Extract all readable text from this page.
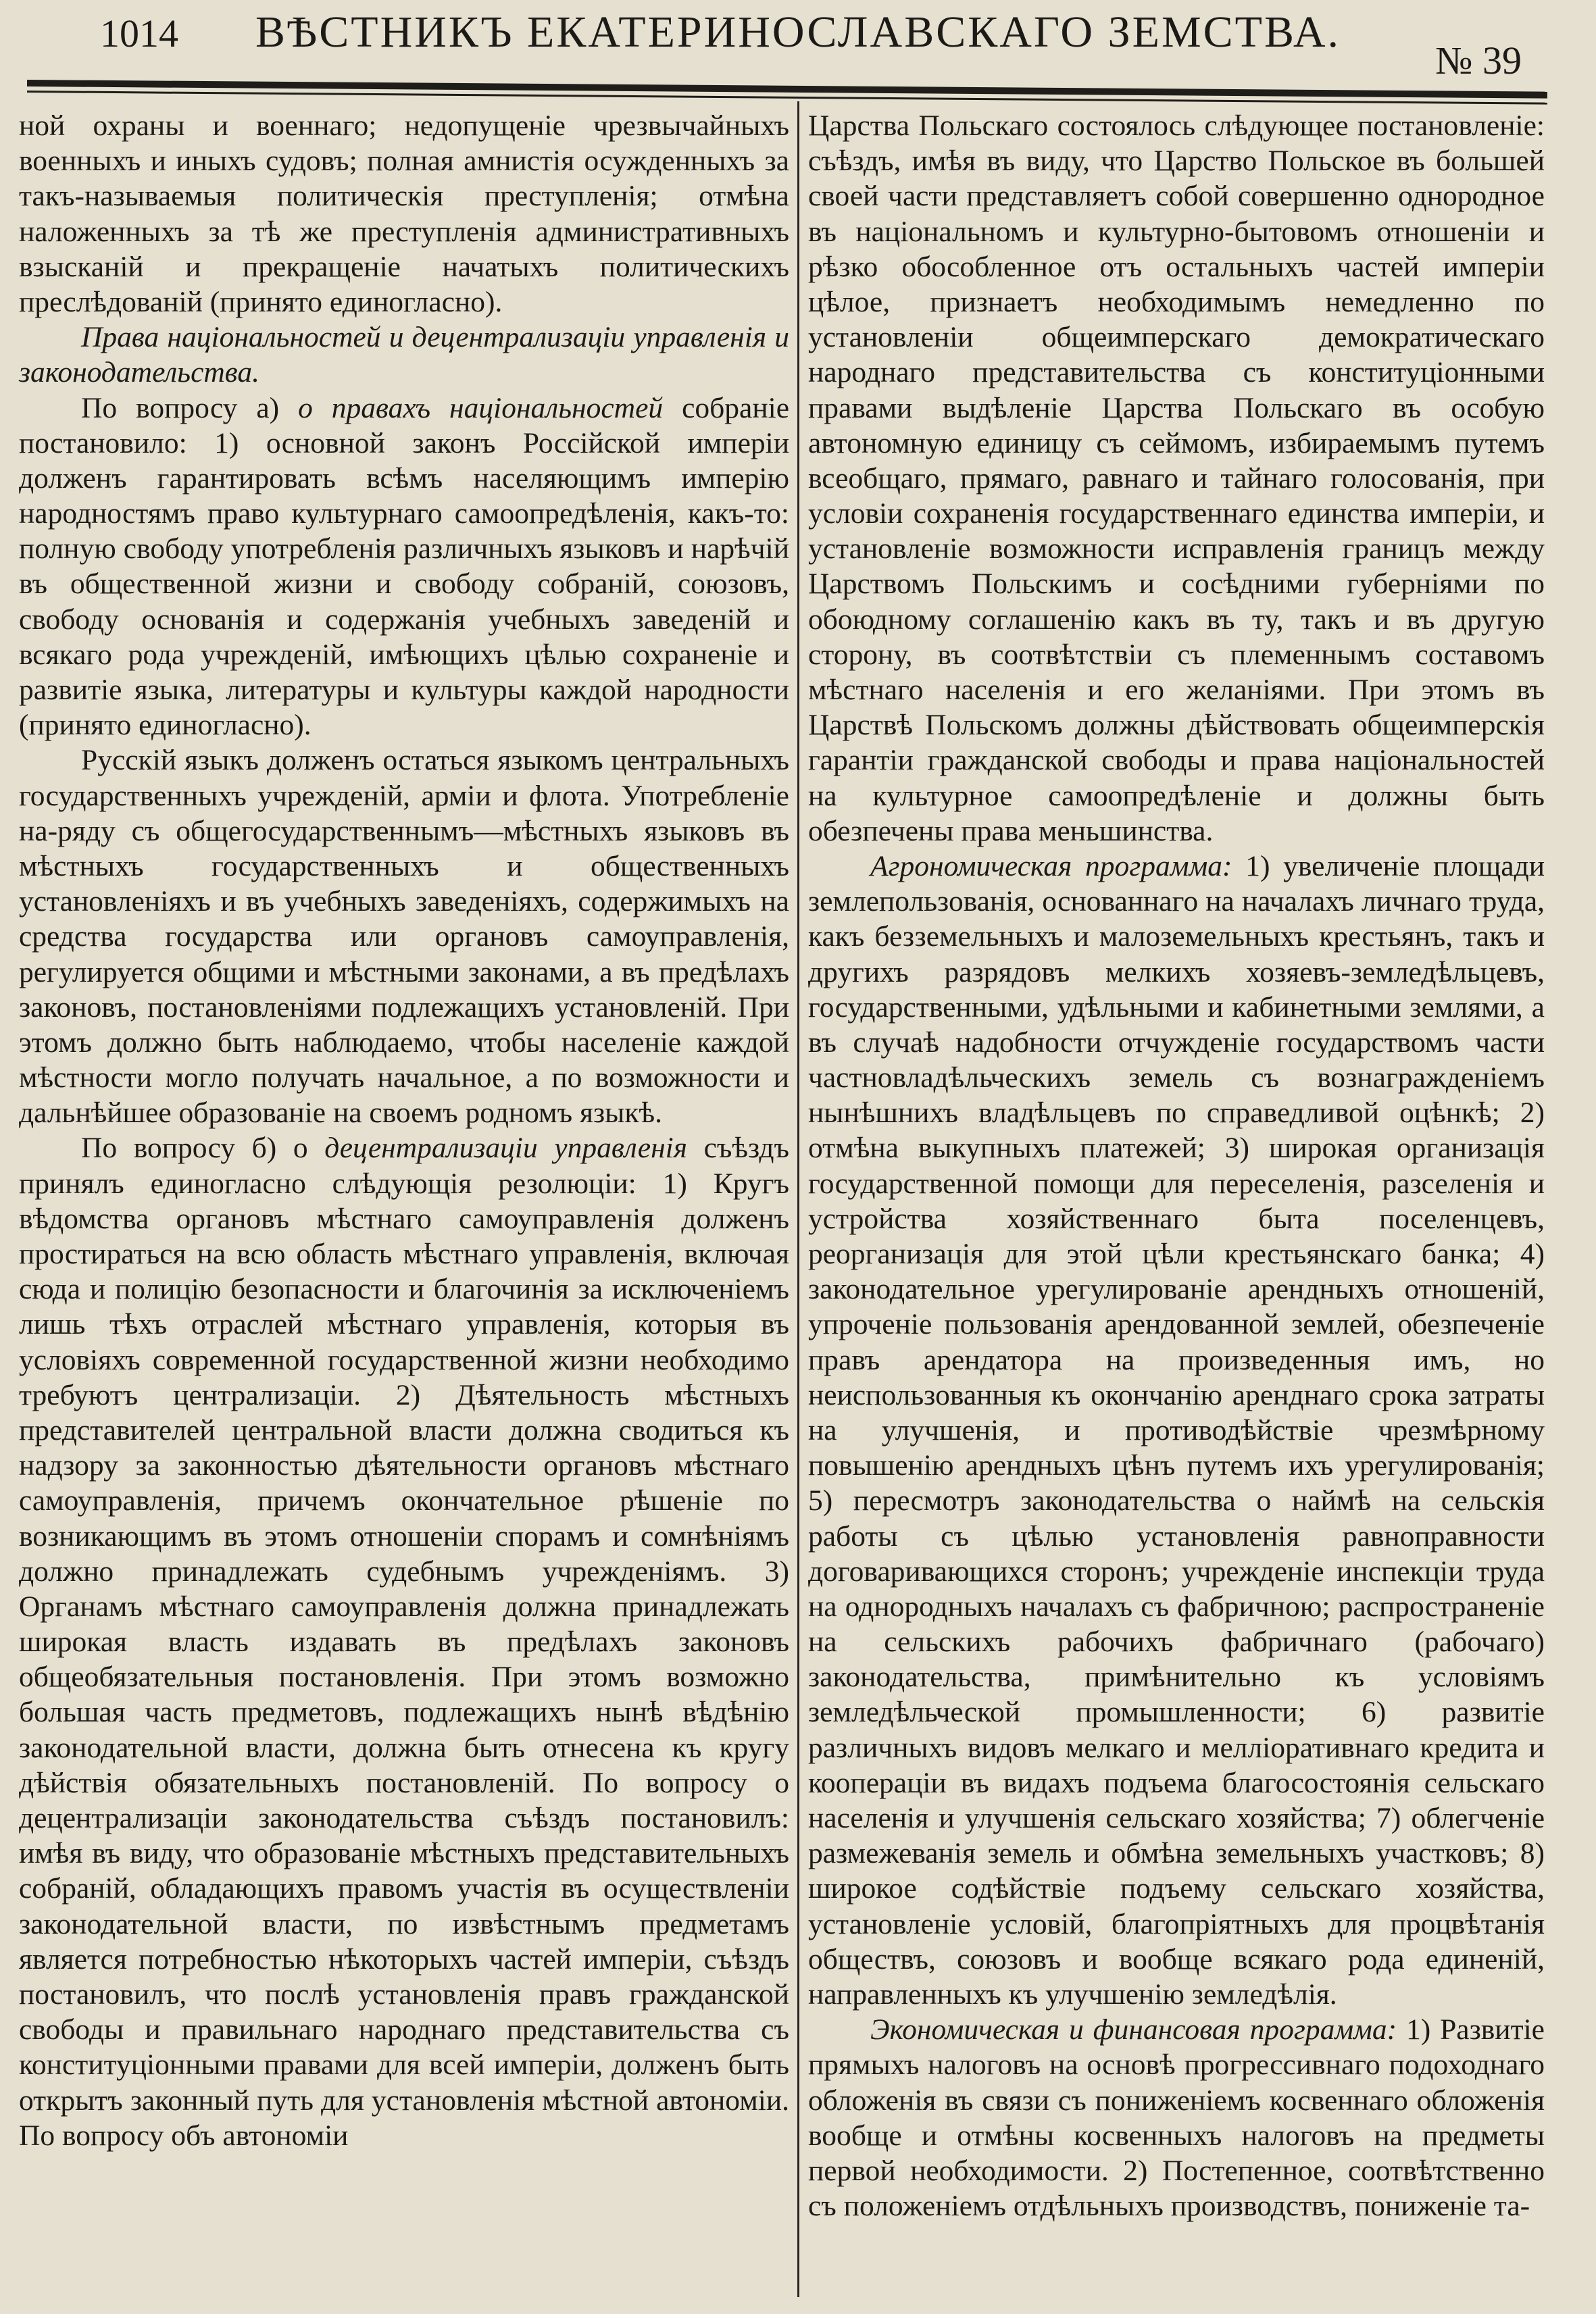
1014	ВѢСТНИКЪ ЕКАТЕРИНОСЛАВСКАГО ЗЕМСТВА.
№ 39

ной охраны и военнаго; недопущеніе чрезвычайныхъ военныхъ и иныхъ судовъ; полная амнистія осужденныхъ за такъ-называемыя политическія преступленія; отмѣна наложенныхъ за тѣ же преступленія административныхъ взысканій и прекращеніе начатыхъ политическихъ преслѣдованій (принято единогласно).

Права національностей и децентрализаціи управленія и законодательства.

По вопросу а) о правахъ національностей собраніе постановило: 1) основной законъ Россійской имперіи долженъ гарантировать всѣмъ населяющимъ имперію народностямъ право культурнаго самоопредѣленія, какъ-то: полную свободу употребленія различныхъ языковъ и нарѣчій въ общественной жизни и свободу собраній, союзовъ, свободу основанія и содержанія учебныхъ заведеній и всякаго рода учрежденій, имѣющихъ цѣлью сохраненіе и развитіе языка, литературы и культуры каждой народности (принято единогласно).

Русскій языкъ долженъ остаться языкомъ центральныхъ государственныхъ учрежденій, арміи и флота. Употребленіе на-ряду съ общегосударственнымъ—мѣстныхъ языковъ въ мѣстныхъ государственныхъ и общественныхъ установленіяхъ и въ учебныхъ заведеніяхъ, содержимыхъ на средства государства или органовъ самоуправленія, регулируется общими и мѣстными законами, а въ предѣлахъ законовъ, постановленіями подлежащихъ установленій. При этомъ должно быть наблюдаемо, чтобы населеніе каждой мѣстности могло получать начальное, а по возможности и дальнѣйшее образованіе на своемъ родномъ языкѣ.

По вопросу б) о децентрализаціи управленія съѣздъ принялъ единогласно слѣдующія резолюціи: 1) Кругъ вѣдомства органовъ мѣстнаго самоуправленія долженъ простираться на всю область мѣстнаго управленія, включая сюда и полицію безопасности и благочинія за исключеніемъ лишь тѣхъ отраслей мѣстнаго управленія, которыя въ условіяхъ современной государственной жизни необходимо требуютъ централизаціи. 2) Дѣятельность мѣстныхъ представителей центральной власти должна сводиться къ надзору за законностью дѣятельности органовъ мѣстнаго самоуправленія, причемъ окончательное рѣшеніе по возникающимъ въ этомъ отношеніи спорамъ и сомнѣніямъ должно принадлежать судебнымъ учрежденіямъ. 3) Органамъ мѣстнаго самоуправленія должна принадлежать широкая власть издавать въ предѣлахъ законовъ общеобязательныя постановленія. При этомъ возможно большая часть предметовъ, подлежащихъ нынѣ вѣдѣнію законодательной власти, должна быть отнесена къ кругу дѣйствія обязательныхъ постановленій. По вопросу о децентрализаціи законодательства съѣздъ постановилъ: имѣя въ виду, что образованіе мѣстныхъ представительныхъ собраній, обладающихъ правомъ участія въ осуществленіи законодательной власти, по извѣстнымъ предметамъ является потребностью нѣкоторыхъ частей имперіи, съѣздъ постановилъ, что послѣ установленія правъ гражданской свободы и правильнаго народнаго представительства съ конституціонными правами для всей имперіи, долженъ быть открытъ законный путь для установленія мѣстной автономіи. По вопросу объ автономіи

Царства Польскаго состоялось слѣдующее постановленіе: съѣздъ, имѣя въ виду, что Царство Польское въ большей своей части представляетъ собой совершенно однородное въ національномъ и культурно-бытовомъ отношеніи и рѣзко обособленное отъ остальныхъ частей имперіи цѣлое, признаетъ необходимымъ немедленно по установленіи общеимперскаго демократическаго народнаго представительства съ конституціонными правами выдѣленіе Царства Польскаго въ особую автономную единицу съ сеймомъ, избираемымъ путемъ всеобщаго, прямаго, равнаго и тайнаго голосованія, при условіи сохраненія государственнаго единства имперіи, и установленіе возможности исправленія границъ между Царствомъ Польскимъ и сосѣдними губерніями по обоюдному соглашенію какъ въ ту, такъ и въ другую сторону, въ соотвѣтствіи съ племеннымъ составомъ мѣстнаго населенія и его желаніями. При этомъ въ Царствѣ Польскомъ должны дѣйствовать общеимперскія гарантіи гражданской свободы и права національностей на культурное самоопредѣленіе и должны быть обезпечены права меньшинства.

Агрономическая программа: 1) увеличеніе площади землепользованія, основаннаго на началахъ личнаго труда, какъ безземельныхъ и малоземельныхъ крестьянъ, такъ и другихъ разрядовъ мелкихъ хозяевъ-земледѣльцевъ, государственными, удѣльными и кабинетными землями, а въ случаѣ надобности отчужденіе государствомъ части частновладѣльческихъ земель съ вознагражденіемъ нынѣшнихъ владѣльцевъ по справедливой оцѣнкѣ; 2) отмѣна выкупныхъ платежей; 3) широкая организація государственной помощи для переселенія, разселенія и устройства хозяйственнаго быта поселенцевъ, реорганизація для этой цѣли крестьянскаго банка; 4) законодательное урегулированіе арендныхъ отношеній, упроченіе пользованія арендованной землей, обезпеченіе правъ арендатора на произведенныя имъ, но неиспользованныя къ окончанію аренднаго срока затраты на улучшенія, и противодѣйствіе чрезмѣрному повышенію арендныхъ цѣнъ путемъ ихъ урегулированія; 5) пересмотръ законодательства о наймѣ на сельскія работы съ цѣлью установленія равноправности договаривающихся сторонъ; учрежденіе инспекціи труда на однородныхъ началахъ съ фабричною; распространеніе на сельскихъ рабочихъ фабричнаго (рабочаго) законодательства, примѣнительно къ условіямъ земледѣльческой промышленности; 6) развитіе различныхъ видовъ мелкаго и мелліоративнаго кредита и коопераціи въ видахъ подъема благосостоянія сельскаго населенія и улучшенія сельскаго хозяйства; 7) облегченіе размежеванія земель и обмѣна земельныхъ участковъ; 8) широкое содѣйствіе подъему сельскаго хозяйства, установленіе условій, благопріятныхъ для процвѣтанія обществъ, союзовъ и вообще всякаго рода единеній, направленныхъ къ улучшенію земледѣлія.

Экономическая и финансовая программа: 1) Развитіе прямыхъ налоговъ на основѣ прогрессивнаго подоходнаго обложенія въ связи съ пониженіемъ косвеннаго обложенія вообще и отмѣны косвенныхъ налоговъ на предметы первой необходимости. 2) Постепенное, соотвѣтственно съ положеніемъ отдѣльныхъ производствъ, пониженіе та-
